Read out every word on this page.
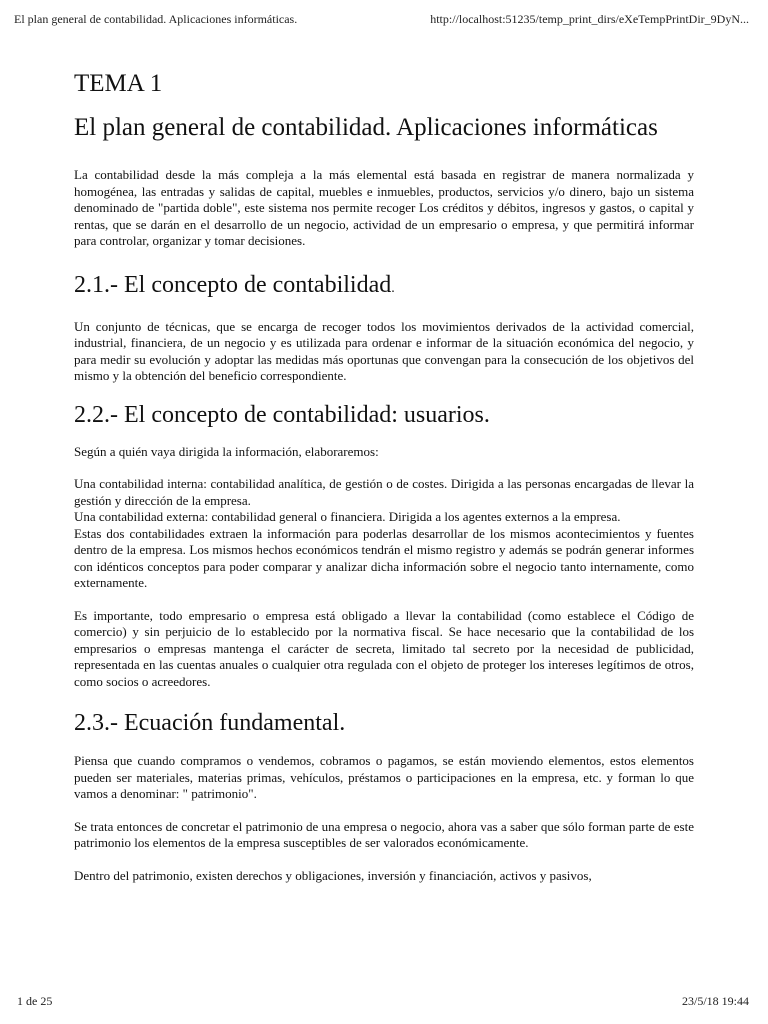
El plan general de contabilidad. Aplicaciones informáticas.	http://localhost:51235/temp_print_dirs/eXeTempPrintDir_9DyN...
TEMA 1
El plan general de contabilidad. Aplicaciones informáticas

La contabilidad desde la más compleja a la más elemental está basada en registrar de manera normalizada y homogénea, las entradas y salidas de capital, muebles e inmuebles, productos, servicios y/o dinero, bajo un sistema denominado de "partida doble", este sistema nos permite recoger Los créditos y débitos, ingresos y gastos, o capital y rentas, que se darán en el desarrollo de un negocio, actividad de un empresario o empresa, y que permitirá informar para controlar, organizar y tomar decisiones.

2.1.- El concepto de contabilidad.

Un conjunto de técnicas, que se encarga de recoger todos los movimientos derivados de la actividad comercial, industrial, financiera, de un negocio y es utilizada para ordenar e informar de la situación económica del negocio, y para medir su evolución y adoptar las medidas más oportunas que convengan para la consecución de los objetivos del mismo y la obtención del beneficio correspondiente.

2.2.- El concepto de contabilidad: usuarios.

Según a quién vaya dirigida la información, elaboraremos:

Una contabilidad interna: contabilidad analítica, de gestión o de costes. Dirigida a las personas encargadas de llevar la gestión y dirección de la empresa.

Una contabilidad externa: contabilidad general o financiera. Dirigida a los agentes externos a la empresa.

Estas dos contabilidades extraen la información para poderlas desarrollar de los mismos acontecimientos y fuentes dentro de la empresa. Los mismos hechos económicos tendrán el mismo registro y además se podrán generar informes con idénticos conceptos para poder comparar y analizar dicha información sobre el negocio tanto internamente, como externamente.

Es importante, todo empresario o empresa está obligado a llevar la contabilidad (como establece el Código de comercio) y sin perjuicio de lo establecido por la normativa fiscal. Se hace necesario que la contabilidad de los empresarios o empresas mantenga el carácter de secreta, limitado tal secreto por la necesidad de publicidad, representada en las cuentas anuales o cualquier otra regulada con el objeto de proteger los intereses legítimos de otros, como socios o acreedores.

2.3.- Ecuación fundamental.

Piensa que cuando compramos o vendemos, cobramos o pagamos, se están moviendo elementos, estos elementos pueden ser materiales, materias primas, vehículos, préstamos o participaciones en la empresa, etc. y forman lo que vamos a denominar: " patrimonio".

Se trata entonces de concretar el patrimonio de una empresa o negocio, ahora vas a saber que sólo forman parte de este patrimonio los elementos de la empresa susceptibles de ser valorados económicamente.

Dentro del patrimonio, existen derechos y obligaciones, inversión y financiación, activos y pasivos,

1 de 25	23/5/18 19:44
